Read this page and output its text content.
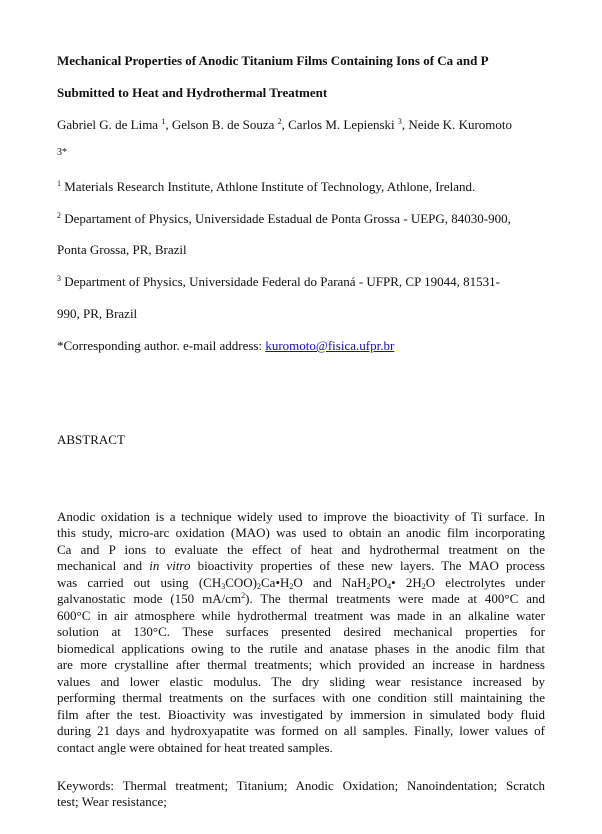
Mechanical Properties of Anodic Titanium Films Containing Ions of Ca and P
Submitted to Heat and Hydrothermal Treatment
Gabriel G. de Lima $^1$, Gelson B. de Souza $^2$, Carlos M. Lepienski $^3$, Neide K. Kuromoto
3*
$^1$ Materials Research Institute, Athlone Institute of Technology, Athlone, Ireland.
$^2$ Departament of Physics, Universidade Estadual de Ponta Grossa - UEPG, 84030-900,
Ponta Grossa, PR, Brazil
$^3$ Department of Physics, Universidade Federal do Paraná - UFPR, CP 19044, 81531-
990, PR, Brazil
*Corresponding author. e-mail address: kuromoto@fisica.ufpr.br
ABSTRACT
Anodic oxidation is a technique widely used to improve the bioactivity of Ti surface. In
this study, micro-arc oxidation (MAO) was used to obtain an anodic film incorporating
Ca and P ions to evaluate the effect of heat and hydrothermal treatment on the
mechanical and in vitro bioactivity properties of these new layers. The MAO process
was carried out using $(CH_3COO)_2Ca•H_2O$ and $NaH_2PO_4•$ $2H_2O$ electrolytes under
galvanostatic mode (150 $mA/cm^2$). The thermal treatments were made at 400°C and
600°C in air atmosphere while hydrothermal treatment was made in an alkaline water
solution at 130°C. These surfaces presented desired mechanical properties for
biomedical applications owing to the rutile and anatase phases in the anodic film that
are more crystalline after thermal treatments; which provided an increase in hardness
values and lower elastic modulus. The dry sliding wear resistance increased by
performing thermal treatments on the surfaces with one condition still maintaining the
film after the test. Bioactivity was investigated by immersion in simulated body fluid
during 21 days and hydroxyapatite was formed on all samples. Finally, lower values of
contact angle were obtained for heat treated samples.
Keywords: Thermal treatment; Titanium; Anodic Oxidation; Nanoindentation; Scratch
test; Wear resistance;
